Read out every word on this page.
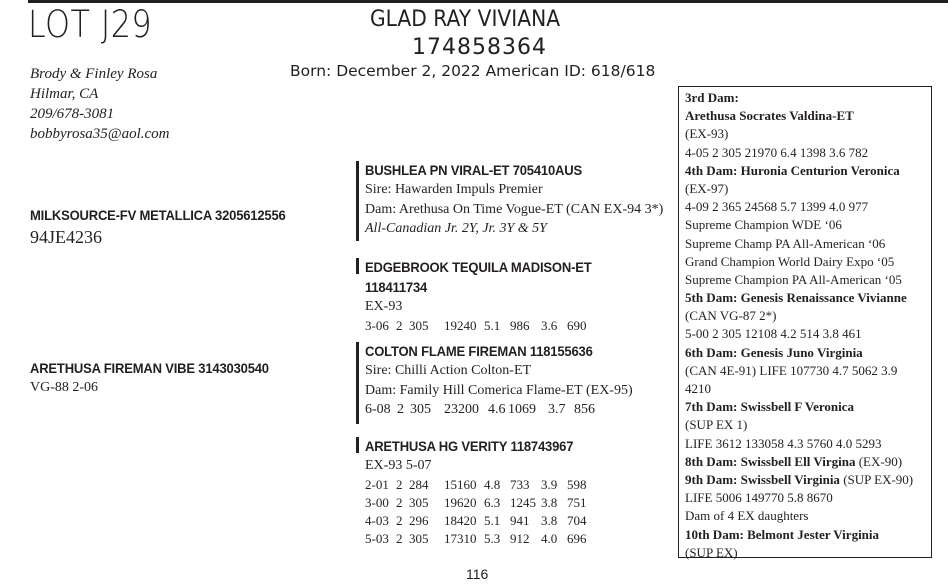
LOT J29	GLAD RAY VIVIANA
174858364
Born: December 2, 2022 American ID: 618/618
Brody & Finley Rosa
Hilmar, CA
209/678-3081
bobbyrosa35@aol.com
MILKSOURCE-FV METALLICA 3205612556
94JE4236
ARETHUSA FIREMAN VIBE 3143030540
VG-88 2-06
BUSHLEA PN VIRAL-ET 705410AUS
Sire: Hawarden Impuls Premier
Dam: Arethusa On Time Vogue-ET (CAN EX-94 3*)
All-Canadian Jr. 2Y, Jr. 3Y & 5Y
EDGEBROOK TEQUILA MADISON-ET
118411734
EX-93
3-06 2 305 19240 5.1 986 3.6 690
COLTON FLAME FIREMAN 118155636
Sire: Chilli Action Colton-ET
Dam: Family Hill Comerica Flame-ET (EX-95)
6-08 2 305 23200 4.6 1069 3.7 856
ARETHUSA HG VERITY 118743967
EX-93 5-07
2-01 2 284 15160 4.8 733 3.9 598
3-00 2 305 19620 6.3 1245 3.8 751
4-03 2 296 18420 5.1 941 3.8 704
5-03 2 305 17310 5.3 912 4.0 696
3rd Dam:
Arethusa Socrates Valdina-ET
(EX-93)
4-05 2 305 21970 6.4 1398 3.6 782
4th Dam: Huronia Centurion Veronica
(EX-97)
4-09 2 365 24568 5.7 1399 4.0 977
Supreme Champion WDE ‘06
Supreme Champ PA All-American ‘06
Grand Champion World Dairy Expo ‘05
Supreme Champion PA All-American ‘05
5th Dam: Genesis Renaissance Vivianne
(CAN VG-87 2*)
5-00 2 305 12108 4.2 514 3.8 461
6th Dam: Genesis Juno Virginia
(CAN 4E-91) LIFE 107730 4.7 5062 3.9
4210
7th Dam: Swissbell F Veronica
(SUP EX 1)
LIFE 3612 133058 4.3 5760 4.0 5293
8th Dam: Swissbell Ell Virgina (EX-90)
9th Dam: Swissbell Virginia (SUP EX-90)
LIFE 5006 149770 5.8 8670
Dam of 4 EX daughters
10th Dam: Belmont Jester Virginia
(SUP EX)
116
